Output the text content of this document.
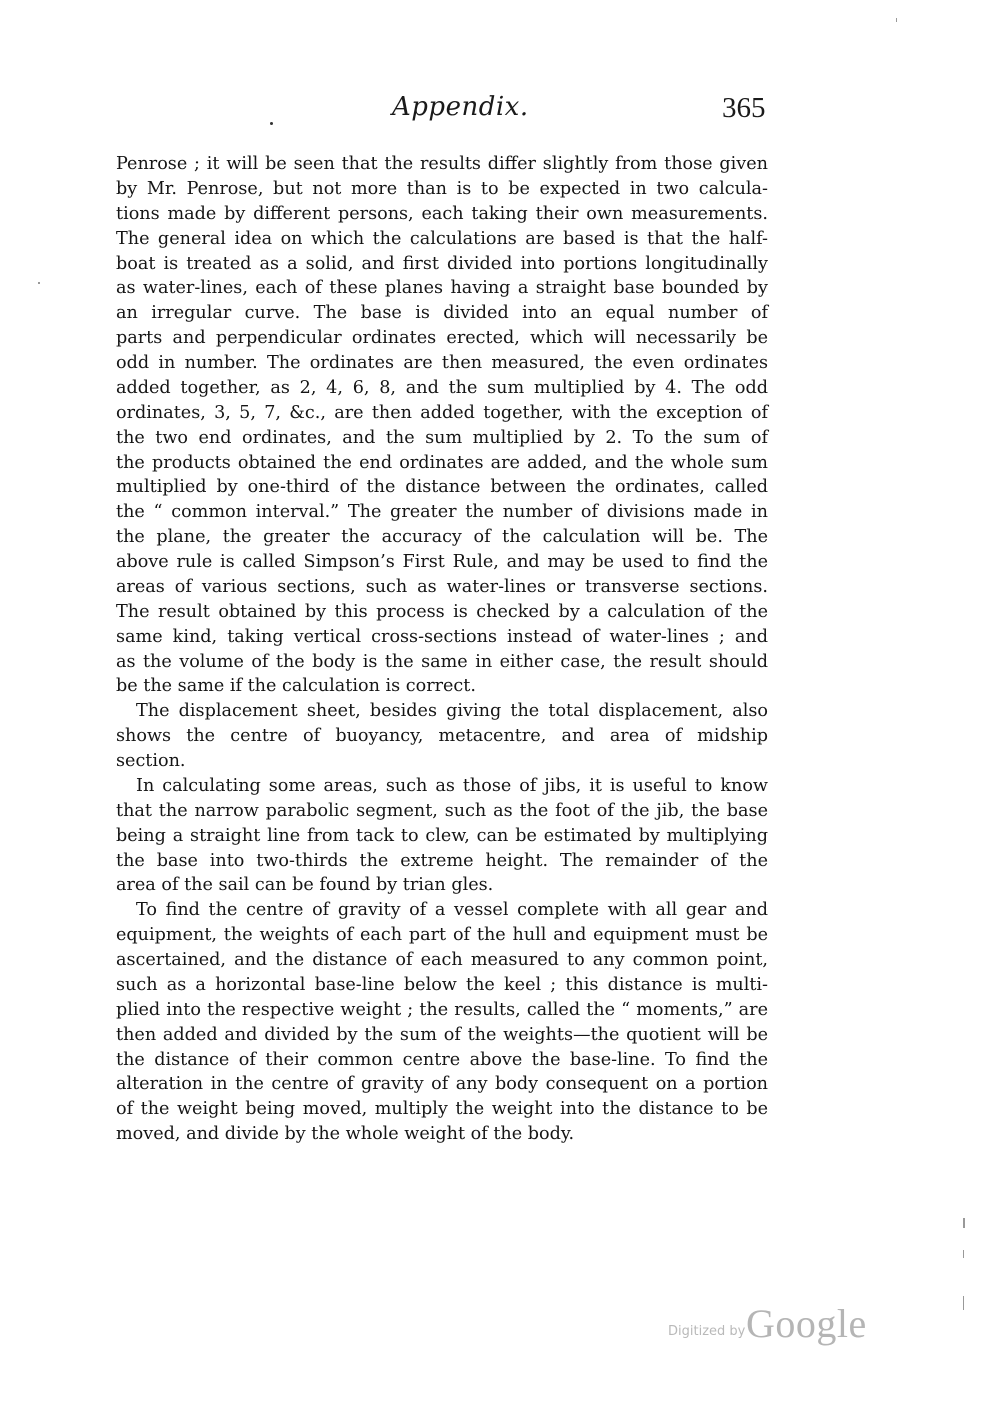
Appendix.	365
Penrose ; it will be seen that the results differ slightly from those given
by Mr. Penrose, but not more than is to be expected in two calcula-
tions made by different persons, each taking their own measurements.
The general idea on which the calculations are based is that the half-
boat is treated as a solid, and first divided into portions longitudinally
as water-lines, each of these planes having a straight base bounded by
an irregular curve. The base is divided into an equal number of
parts and perpendicular ordinates erected, which will necessarily be
odd in number. The ordinates are then measured, the even ordinates
added together, as 2, 4, 6, 8, and the sum multiplied by 4. The odd
ordinates, 3, 5, 7, &c., are then added together, with the exception of
the two end ordinates, and the sum multiplied by 2. To the sum of
the products obtained the end ordinates are added, and the whole sum
multiplied by one-third of the distance between the ordinates, called
the “ common interval.” The greater the number of divisions made in
the plane, the greater the accuracy of the calculation will be. The
above rule is called Simpson’s First Rule, and may be used to find the
areas of various sections, such as water-lines or transverse sections.
The result obtained by this process is checked by a calculation of the
same kind, taking vertical cross-sections instead of water-lines ; and
as the volume of the body is the same in either case, the result should
be the same if the calculation is correct.
The displacement sheet, besides giving the total displacement, also
shows the centre of buoyancy, metacentre, and area of midship
section.
In calculating some areas, such as those of jibs, it is useful to know
that the narrow parabolic segment, such as the foot of the jib, the base
being a straight line from tack to clew, can be estimated by multiplying
the base into two-thirds the extreme height. The remainder of the
area of the sail can be found by trian gles.
To find the centre of gravity of a vessel complete with all gear and
equipment, the weights of each part of the hull and equipment must be
ascertained, and the distance of each measured to any common point,
such as a horizontal base-line below the keel ; this distance is multi-
plied into the respective weight ; the results, called the “ moments,” are
then added and divided by the sum of the weights—the quotient will be
the distance of their common centre above the base-line. To find the
alteration in the centre of gravity of any body consequent on a portion
of the weight being moved, multiply the weight into the distance to be
moved, and divide by the whole weight of the body.
Digitized by Google
